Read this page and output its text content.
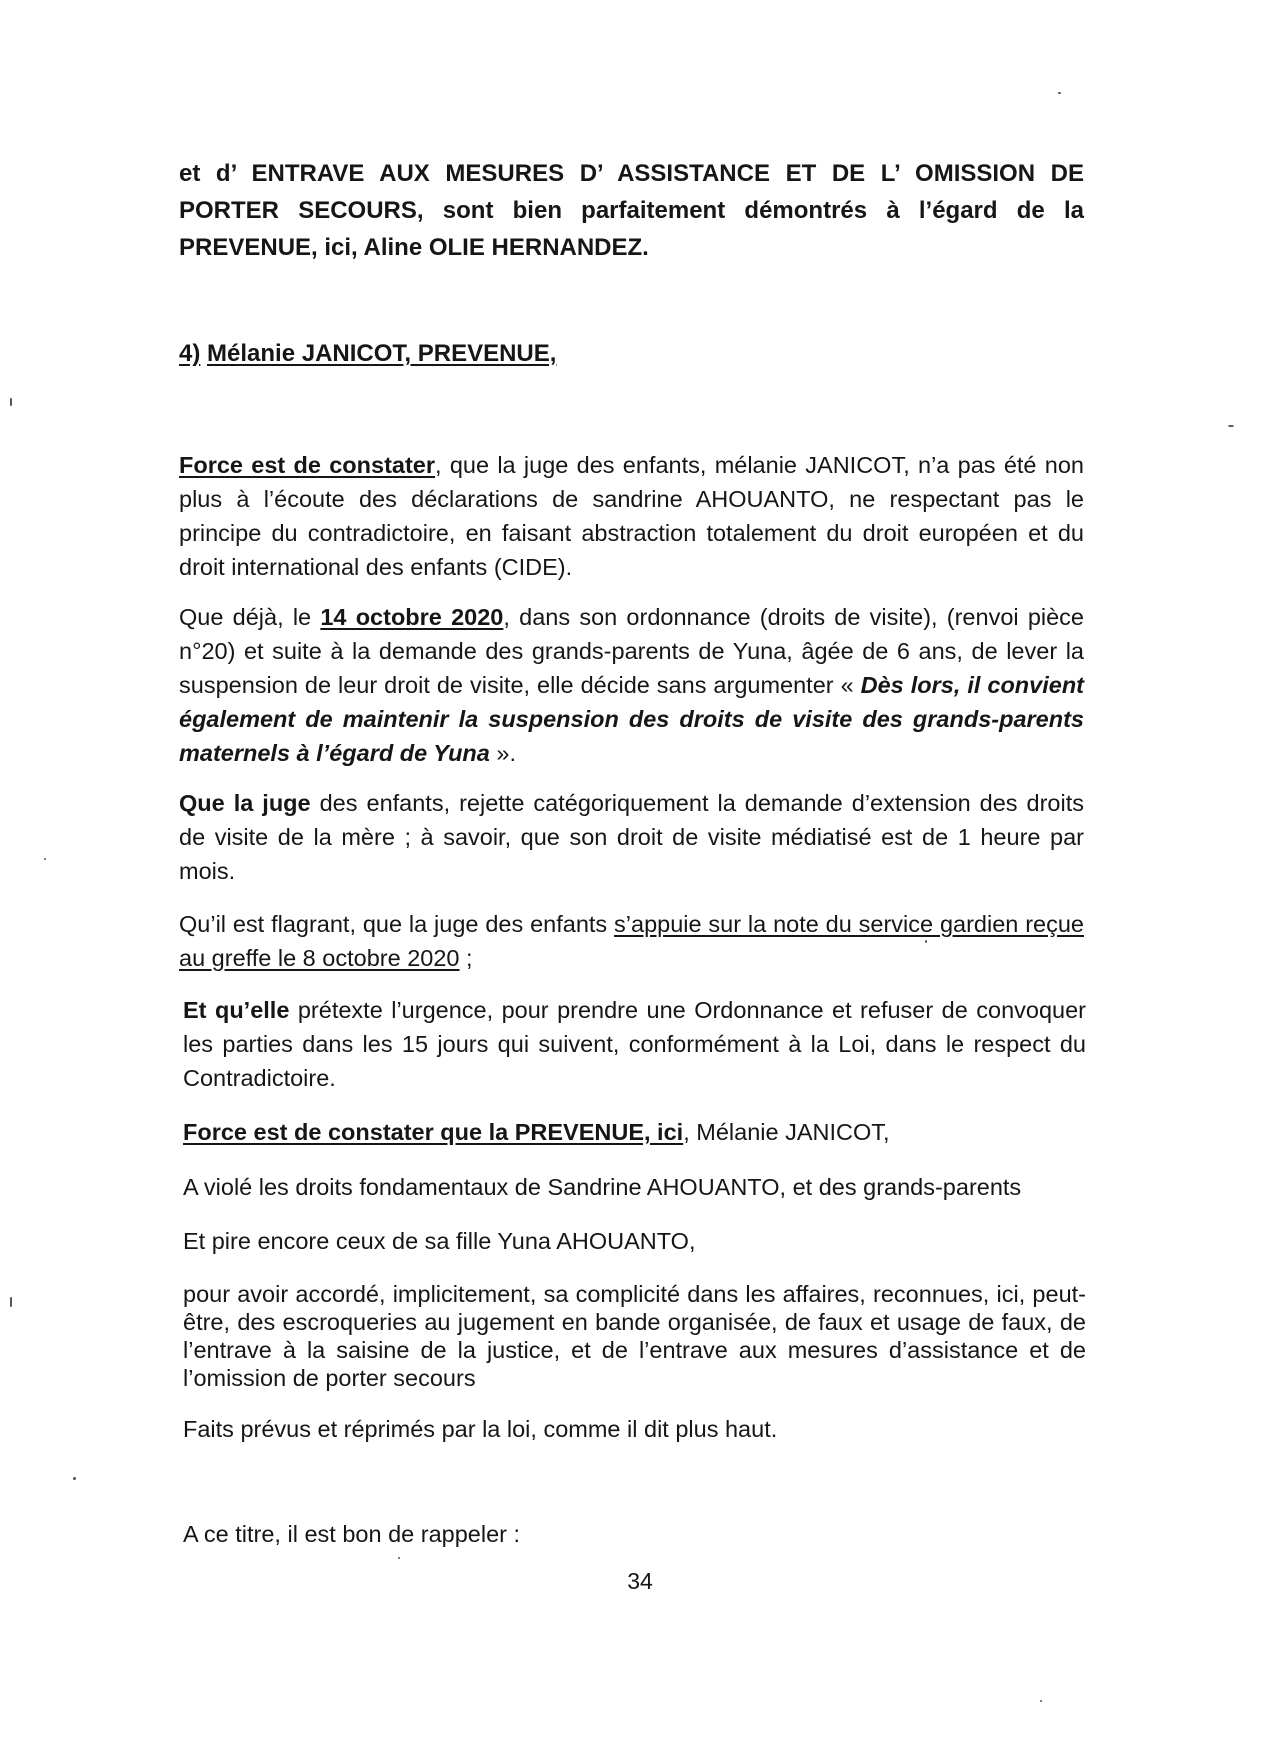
et d’ ENTRAVE AUX MESURES D’ ASSISTANCE ET DE L’ OMISSION DE PORTER SECOURS, sont bien parfaitement démontrés à l’égard de la PREVENUE, ici, Aline OLIE HERNANDEZ.
4) Mélanie JANICOT, PREVENUE,
Force est de constater, que la juge des enfants, mélanie JANICOT, n’a pas été non plus à l’écoute des déclarations de sandrine AHOUANTO, ne respectant pas le principe du contradictoire, en faisant abstraction totalement du droit européen et du droit international des enfants (CIDE).
Que déjà, le 14 octobre 2020, dans son ordonnance (droits de visite), (renvoi pièce n°20) et suite à la demande des grands-parents de Yuna, âgée de 6 ans, de lever la suspension de leur droit de visite, elle décide sans argumenter « Dès lors, il convient également de maintenir la suspension des droits de visite des grands-parents maternels à l’égard de Yuna ».
Que la juge des enfants, rejette catégoriquement la demande d’extension des droits de visite de la mère ; à savoir, que son droit de visite médiatisé est de 1 heure par mois.
Qu’il est flagrant, que la juge des enfants s’appuie sur la note du service gardien reçue au greffe le 8 octobre 2020 ;
Et qu’elle prétexte l’urgence, pour prendre une Ordonnance et refuser de convoquer les parties dans les 15 jours qui suivent, conformément à la Loi, dans le respect du Contradictoire.
Force est de constater que la PREVENUE, ici, Mélanie JANICOT,
A violé les droits fondamentaux de Sandrine AHOUANTO, et des grands-parents
Et pire encore ceux de sa fille Yuna AHOUANTO,
pour avoir accordé, implicitement, sa complicité dans les affaires, reconnues, ici, peut-être, des escroqueries au jugement en bande organisée, de faux et usage de faux, de l’entrave à la saisine de la justice, et de l’entrave aux mesures d’assistance et de l’omission de porter secours
Faits prévus et réprimés par la loi, comme il dit plus haut.
A ce titre, il est bon de rappeler :
34
